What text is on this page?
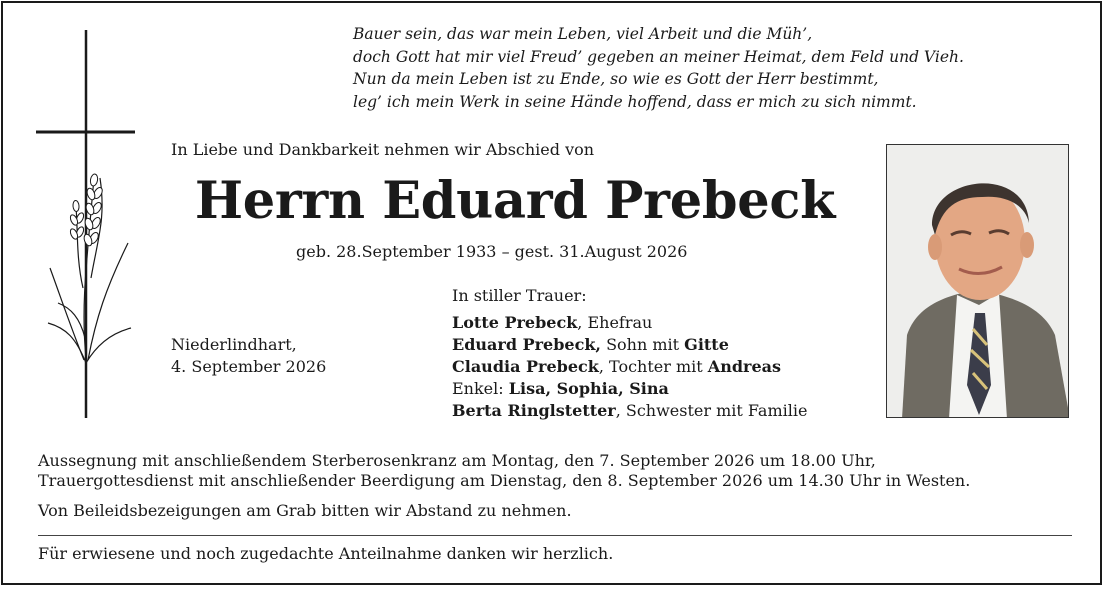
Bauer sein, das war mein Leben, viel Arbeit und die Müh’,
doch Gott hat mir viel Freud’ gegeben an meiner Heimat, dem Feld und Vieh.
Nun da mein Leben ist zu Ende, so wie es Gott der Herr bestimmt,
leg’ ich mein Werk in seine Hände hoffend, dass er mich zu sich nimmt.
In Liebe und Dankbarkeit nehmen wir Abschied von
Herrn Eduard Prebeck
geb. 28.September 1933 – gest. 31.August 2026
Niederlindhart,
4. September 2026
In stiller Trauer:
Lotte Prebeck, Ehefrau
Eduard Prebeck, Sohn mit Gitte
Claudia Prebeck, Tochter mit Andreas
Enkel: Lisa, Sophia, Sina
Berta Ringlstetter, Schwester mit Familie
Aussegnung mit anschließendem Sterberosenkranz am Montag, den 7. September 2026 um 18.00 Uhr,
Trauergottesdienst mit anschließender Beerdigung am Dienstag, den 8. September 2026 um 14.30 Uhr in Westen.
Von Beileidsbezeigungen am Grab bitten wir Abstand zu nehmen.
Für erwiesene und noch zugedachte Anteilnahme danken wir herzlich.
